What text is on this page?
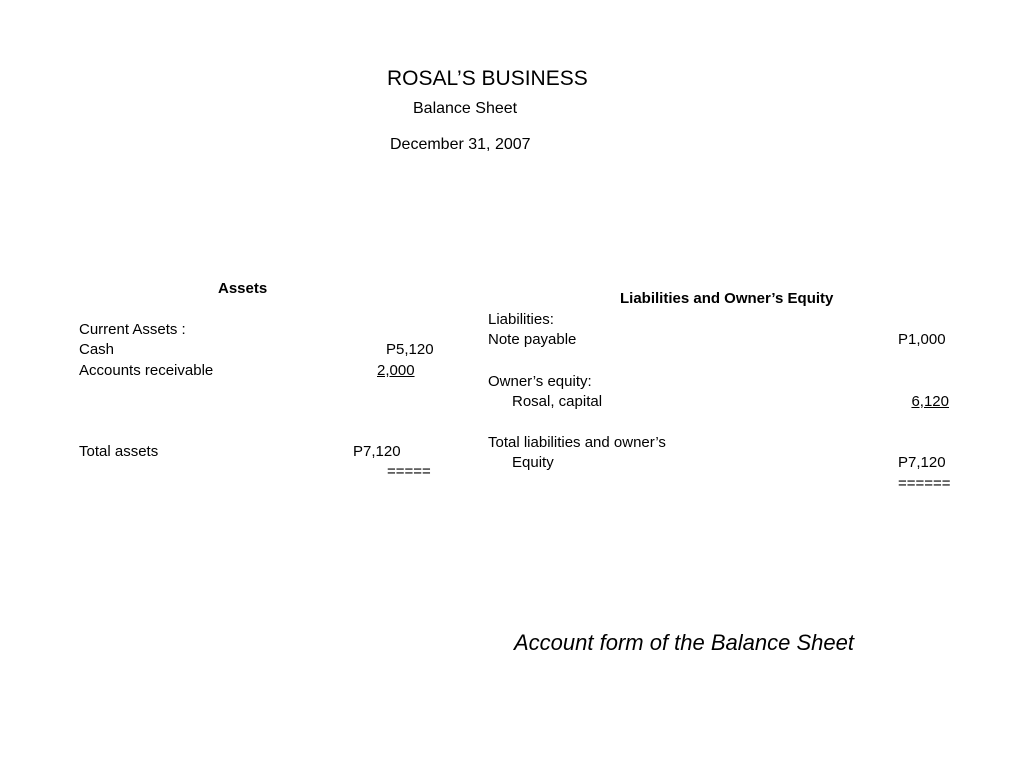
ROSAL’S BUSINESS
Balance Sheet
December 31, 2007
Assets
Current Assets :
Cash	P5,120
Accounts receivable	2,000
Total assets	P7,120
=====
Liabilities and Owner’s Equity
Liabilities:
Note payable	P1,000
Owner’s equity:
Rosal, capital	6,120
Total liabilities and owner’s
Equity	P7,120
======
Account form of the Balance Sheet
